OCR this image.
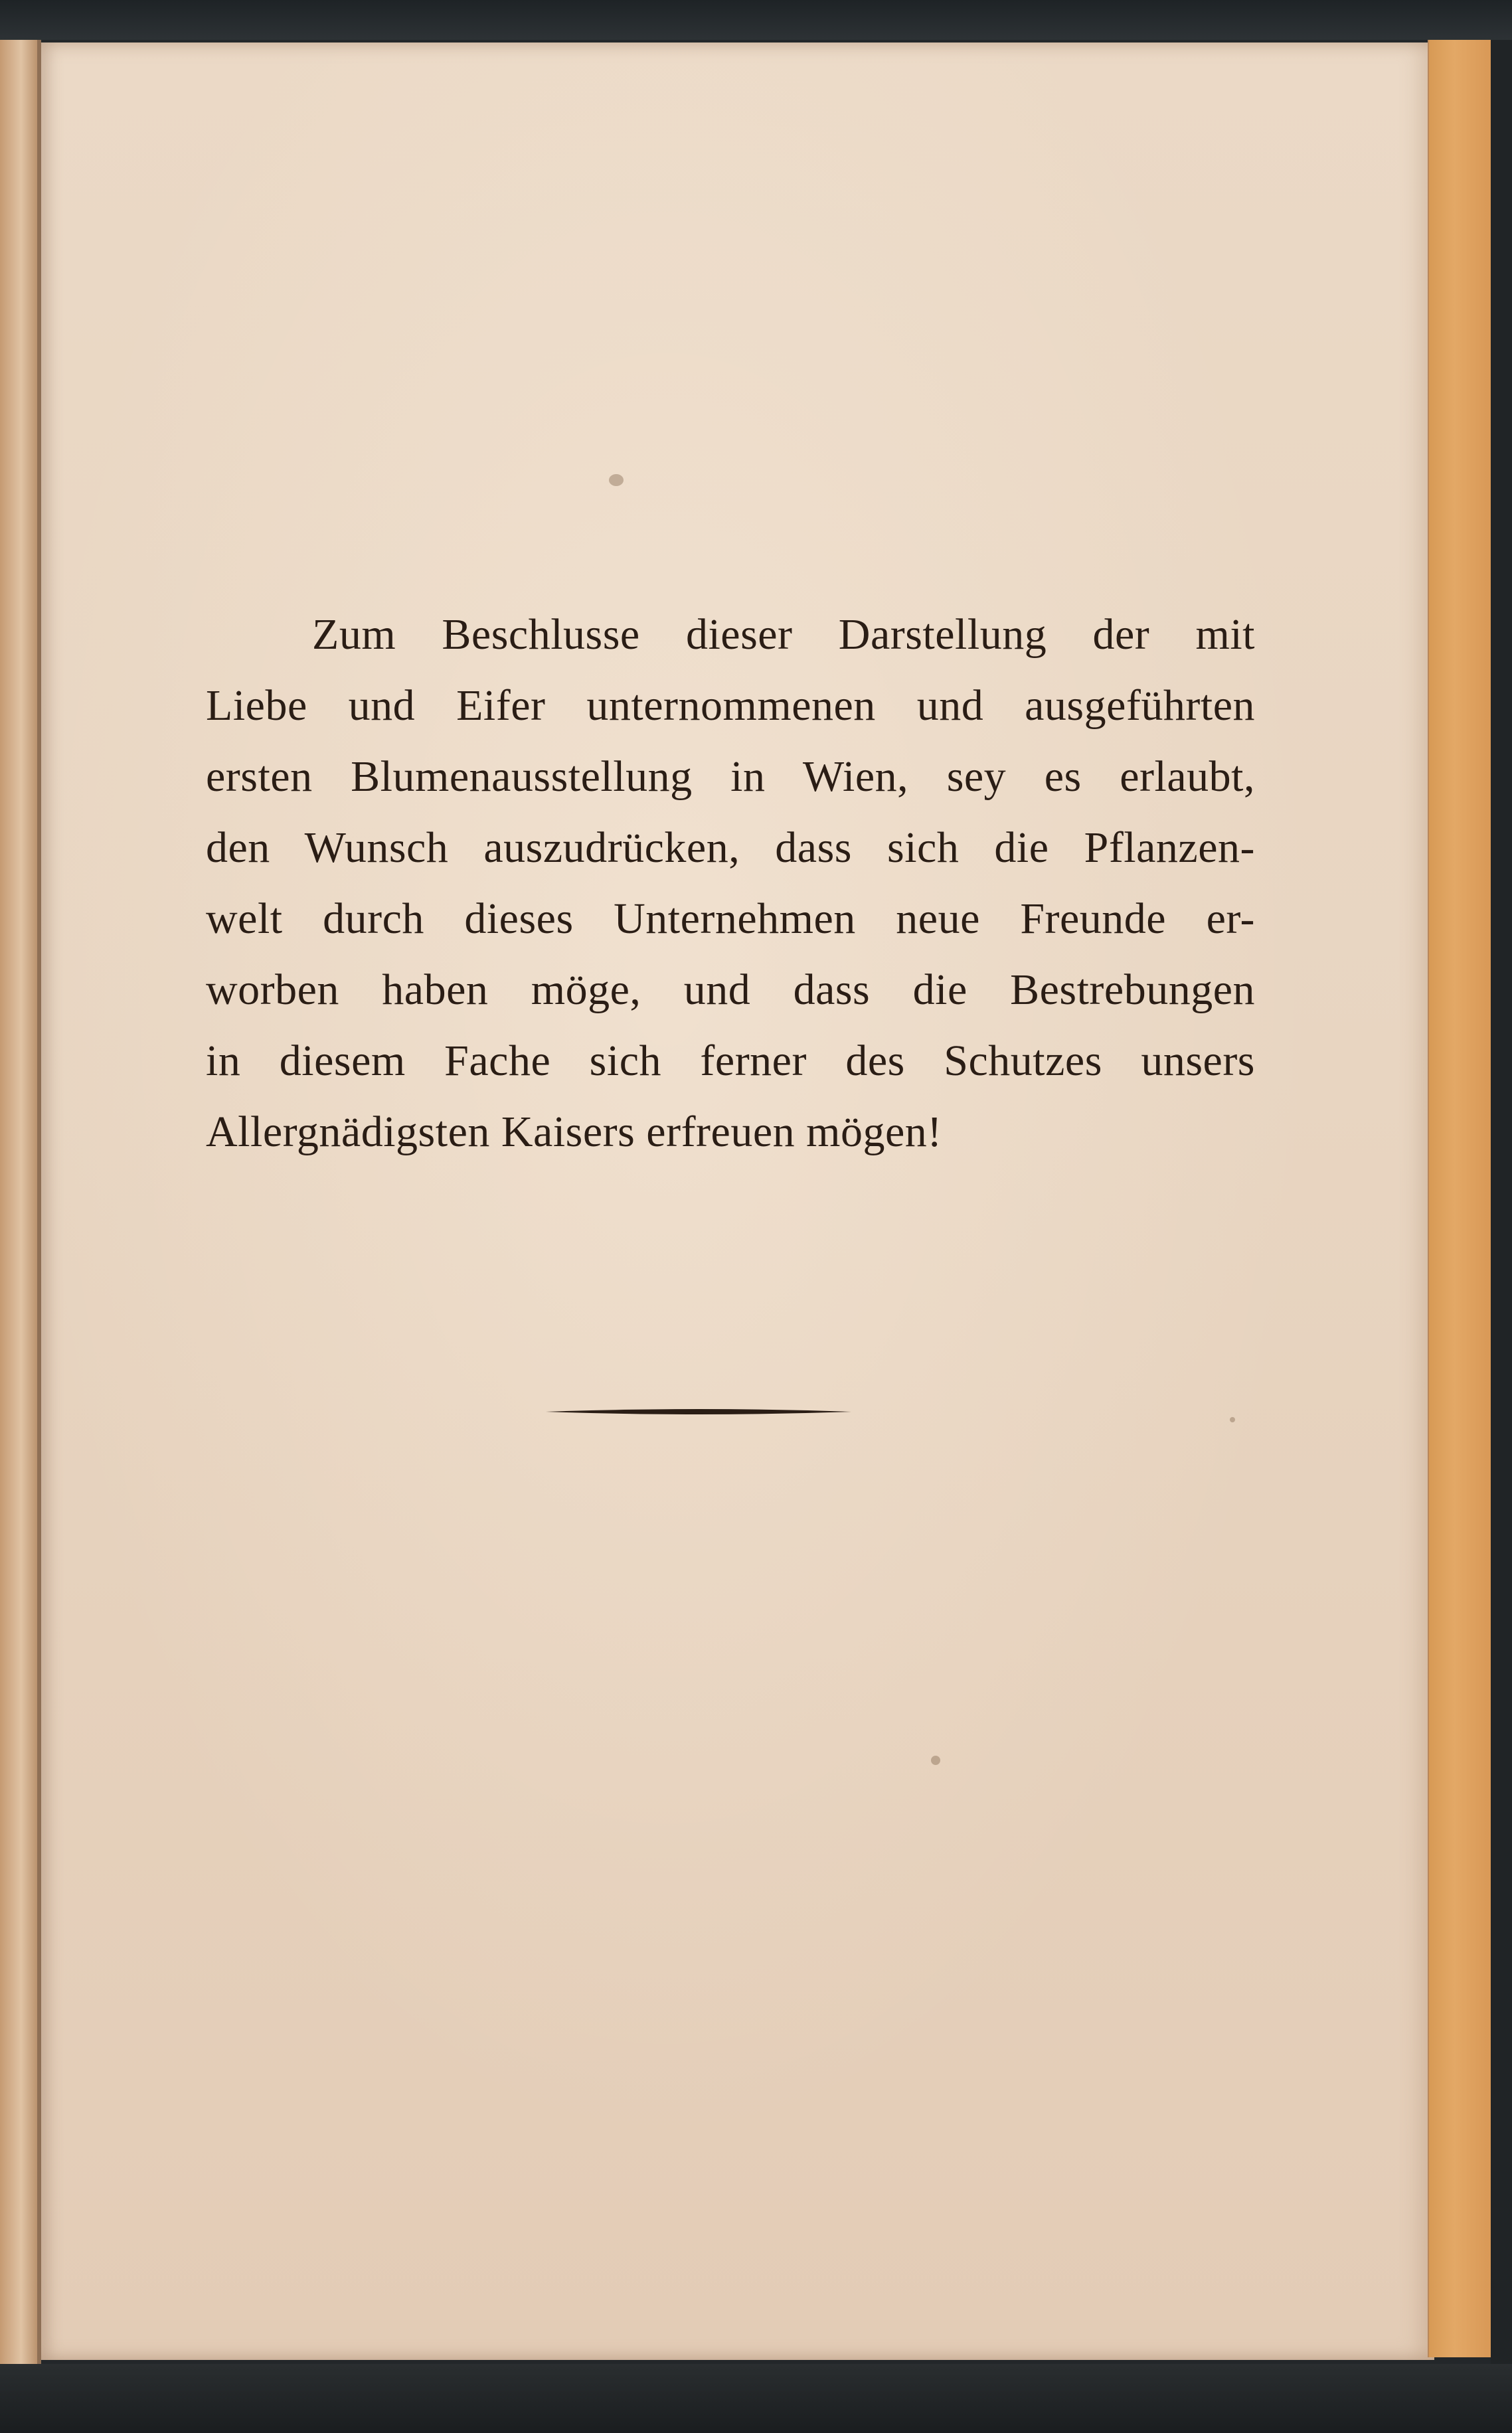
Zum Beschlusse dieser Darstellung der mit
Liebe und Eifer unternommenen und ausgeführten
ersten Blumenausstellung in Wien, sey es erlaubt,
den Wunsch auszudrücken, dass sich die Pflanzen-
welt durch dieses Unternehmen neue Freunde er-
worben haben möge, und dass die Bestrebungen
in diesem Fache sich ferner des Schutzes unsers
Allergnädigsten Kaisers erfreuen mögen!
